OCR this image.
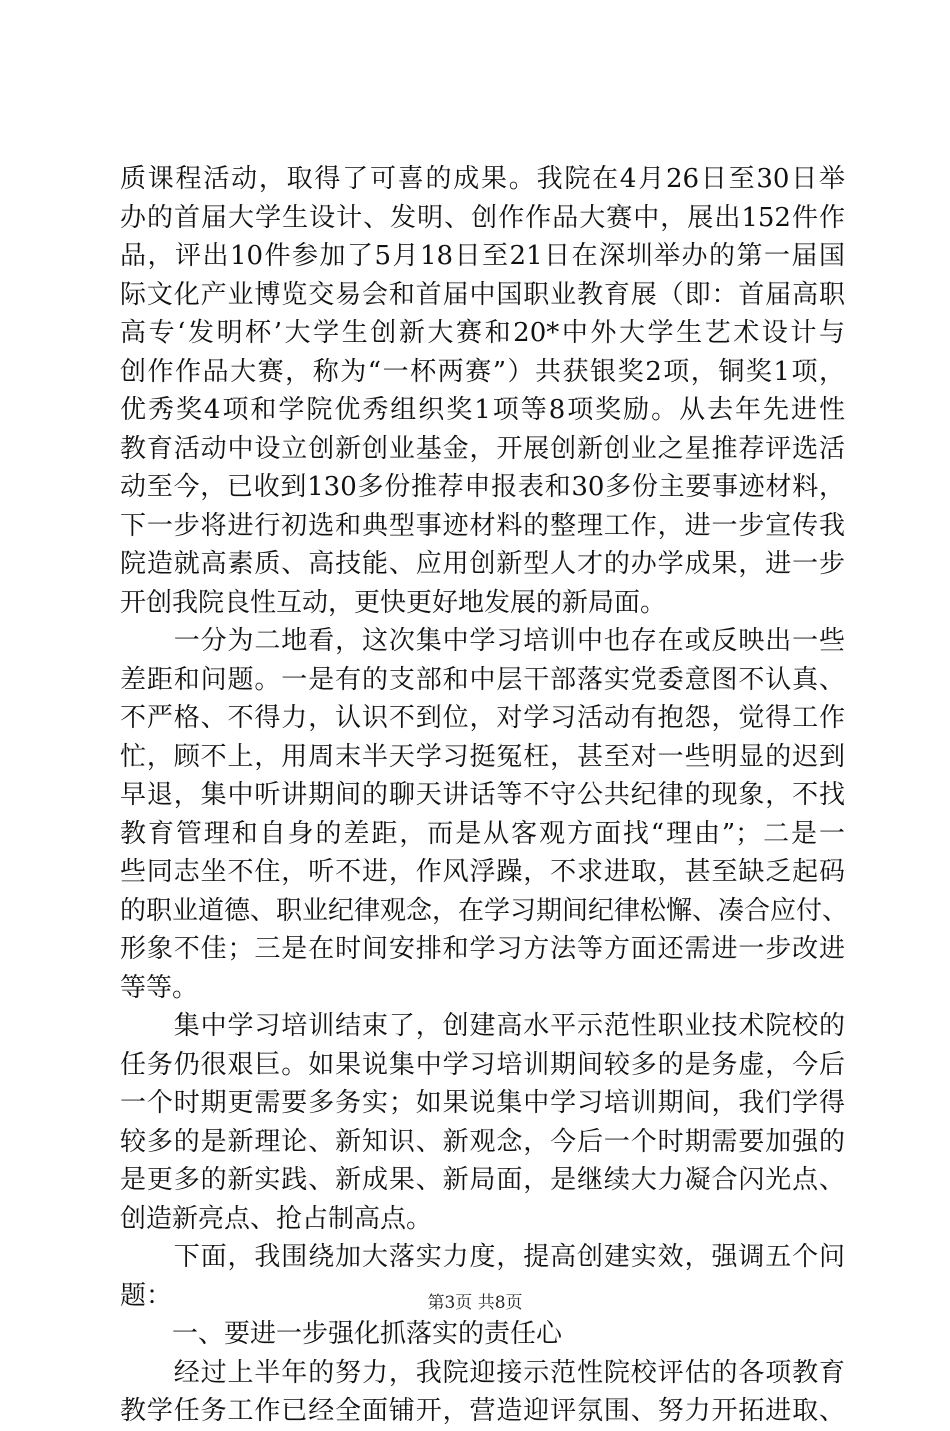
质课程活动，取得了可喜的成果。我院在4月26日至30日举
办的首届大学生设计、发明、创作作品大赛中，展出152件作
品，评出10件参加了5月18日至21日在深圳举办的第一届国
际文化产业博览交易会和首届中国职业教育展（即：首届高职
高专‘发明杯’大学生创新大赛和20*中外大学生艺术设计与
创作作品大赛，称为“一杯两赛”）共获银奖2项，铜奖1项，
优秀奖4项和学院优秀组织奖1项等8项奖励。从去年先进性
教育活动中设立创新创业基金，开展创新创业之星推荐评选活
动至今，已收到130多份推荐申报表和30多份主要事迹材料，
下一步将进行初选和典型事迹材料的整理工作，进一步宣传我
院造就高素质、高技能、应用创新型人才的办学成果，进一步
开创我院良性互动，更快更好地发展的新局面。
　　一分为二地看，这次集中学习培训中也存在或反映出一些
差距和问题。一是有的支部和中层干部落实党委意图不认真、
不严格、不得力，认识不到位，对学习活动有抱怨，觉得工作
忙，顾不上，用周末半天学习挺冤枉，甚至对一些明显的迟到
早退，集中听讲期间的聊天讲话等不守公共纪律的现象，不找
教育管理和自身的差距，而是从客观方面找“理由”；二是一
些同志坐不住，听不进，作风浮躁，不求进取，甚至缺乏起码
的职业道德、职业纪律观念，在学习期间纪律松懈、凑合应付、
形象不佳；三是在时间安排和学习方法等方面还需进一步改进
等等。
　　集中学习培训结束了，创建高水平示范性职业技术院校的
任务仍很艰巨。如果说集中学习培训期间较多的是务虚，今后
一个时期更需要多务实；如果说集中学习培训期间，我们学得
较多的是新理论、新知识、新观念，今后一个时期需要加强的
是更多的新实践、新成果、新局面，是继续大力凝合闪光点、
创造新亮点、抢占制高点。
　　下面，我围绕加大落实力度，提高创建实效，强调五个问
题：
　　一、要进一步强化抓落实的责任心
　　经过上半年的努力，我院迎接示范性院校评估的各项教育
教学任务工作已经全面铺开，营造迎评氛围、努力开拓进取、
第3页 共8页
